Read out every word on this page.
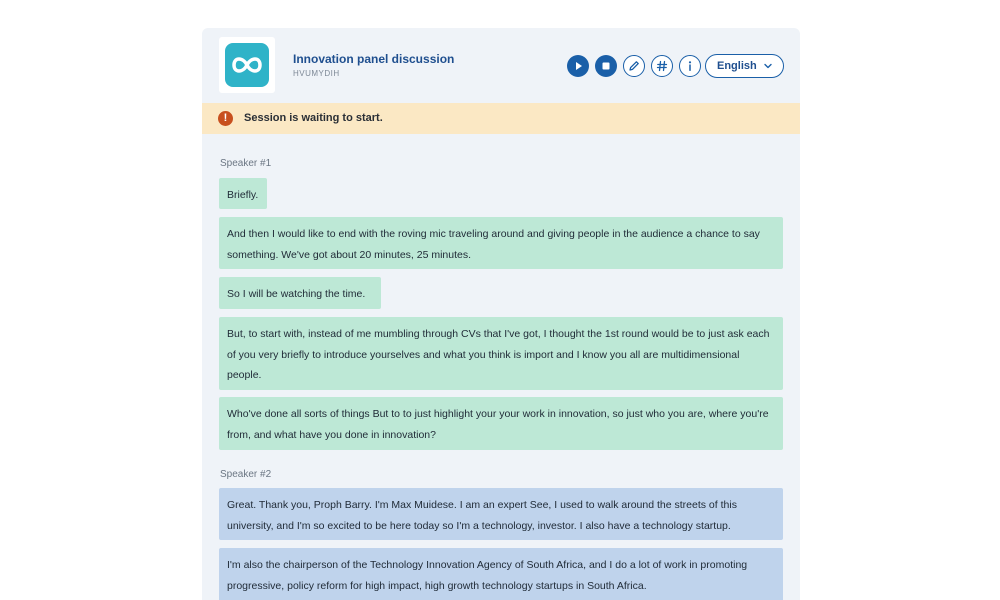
Innovation panel discussion
HVUMYDIH
English
!	Session is waiting to start.
Speaker #1
Briefly.
And then I would like to end with the roving mic traveling around and giving people in the audience a chance to say something. We've got about 20 minutes, 25 minutes.
So I will be watching the time.
But, to start with, instead of me mumbling through CVs that I've got, I thought the 1st round would be to just ask each of you very briefly to introduce yourselves and what you think is import and I know you all are multidimensional people.
Who've done all sorts of things But to to just highlight your your work in innovation, so just who you are, where you're from, and what have you done in innovation?
Speaker #2
Great. Thank you, Proph Barry. I'm Max Muidese. I am an expert See, I used to walk around the streets of this university, and I'm so excited to be here today so I'm a technology, investor. I also have a technology startup.
I'm also the chairperson of the Technology Innovation Agency of South Africa, and I do a lot of work in promoting progressive, policy reform for high impact, high growth technology startups in South Africa.
